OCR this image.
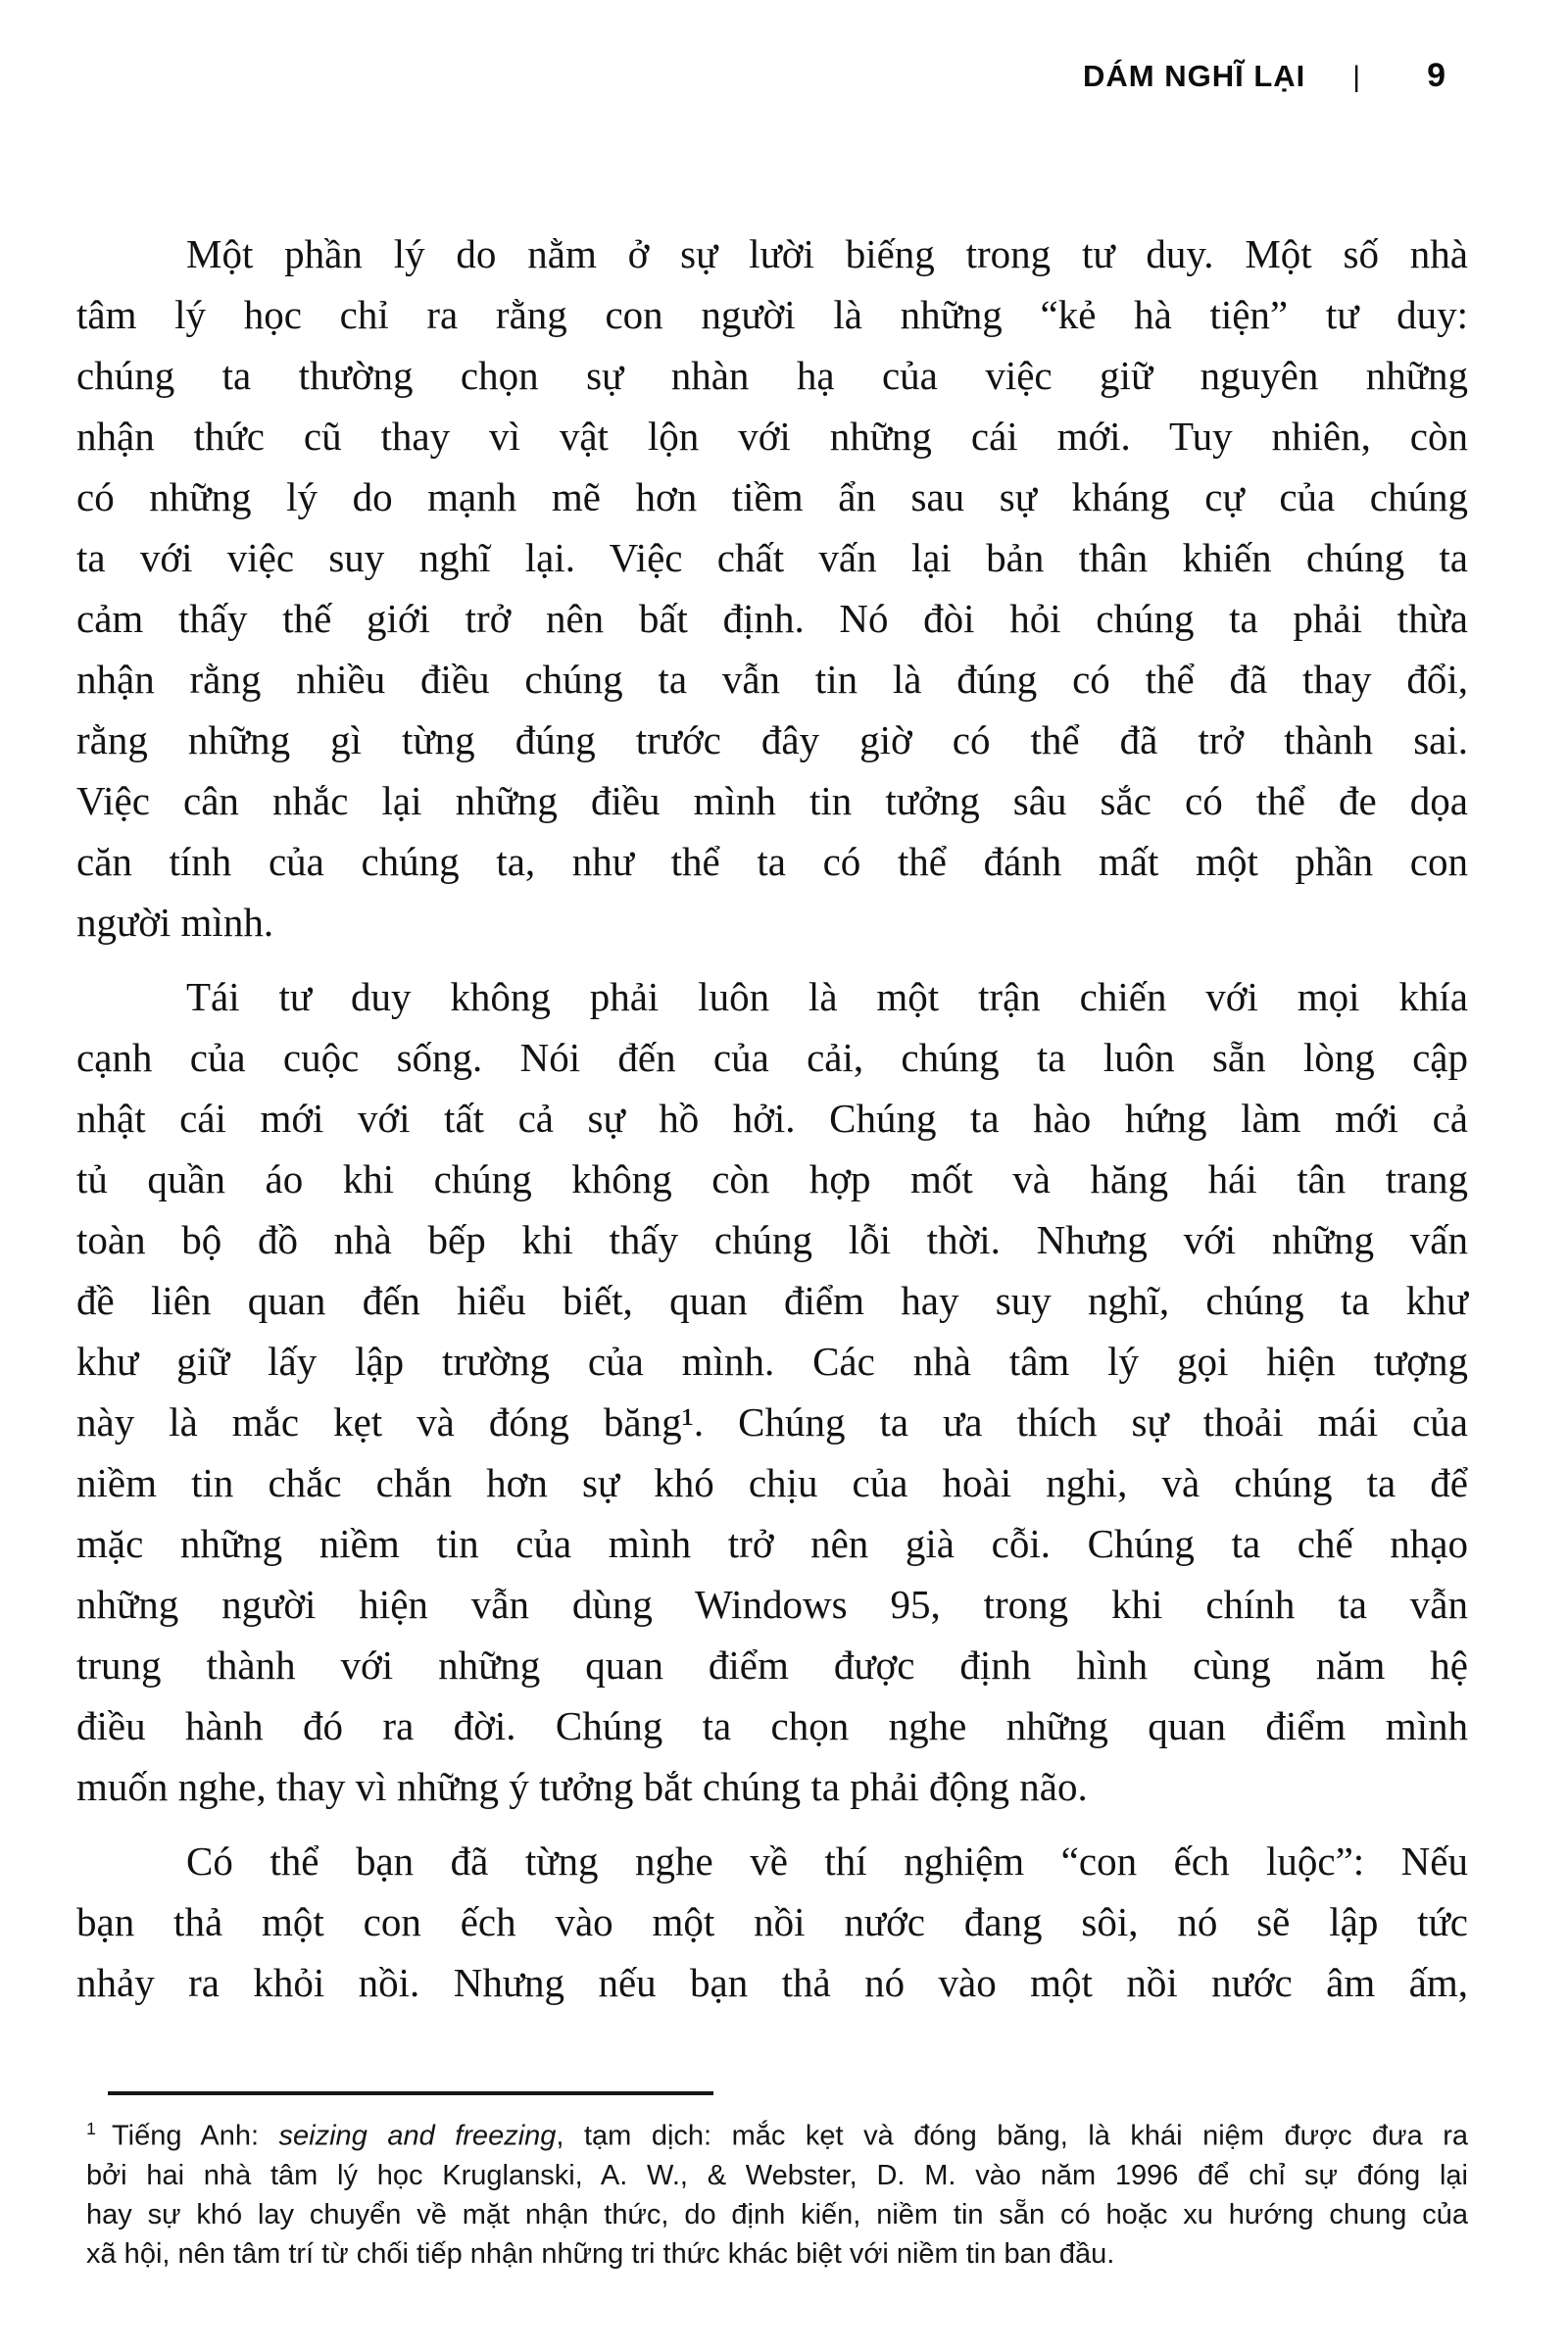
DÁM NGHĨ LẠI | 9
Một phần lý do nằm ở sự lười biếng trong tư duy. Một số nhà
tâm lý học chỉ ra rằng con người là những “kẻ hà tiện” tư duy:
chúng ta thường chọn sự nhàn hạ của việc giữ nguyên những
nhận thức cũ thay vì vật lộn với những cái mới. Tuy nhiên, còn
có những lý do mạnh mẽ hơn tiềm ẩn sau sự kháng cự của chúng
ta với việc suy nghĩ lại. Việc chất vấn lại bản thân khiến chúng ta
cảm thấy thế giới trở nên bất định. Nó đòi hỏi chúng ta phải thừa
nhận rằng nhiều điều chúng ta vẫn tin là đúng có thể đã thay đổi,
rằng những gì từng đúng trước đây giờ có thể đã trở thành sai.
Việc cân nhắc lại những điều mình tin tưởng sâu sắc có thể đe dọa
căn tính của chúng ta, như thể ta có thể đánh mất một phần con
người mình.
Tái tư duy không phải luôn là một trận chiến với mọi khía
cạnh của cuộc sống. Nói đến của cải, chúng ta luôn sẵn lòng cập
nhật cái mới với tất cả sự hồ hởi. Chúng ta hào hứng làm mới cả
tủ quần áo khi chúng không còn hợp mốt và hăng hái tân trang
toàn bộ đồ nhà bếp khi thấy chúng lỗi thời. Nhưng với những vấn
đề liên quan đến hiểu biết, quan điểm hay suy nghĩ, chúng ta khư
khư giữ lấy lập trường của mình. Các nhà tâm lý gọi hiện tượng
này là mắc kẹt và đóng băng¹. Chúng ta ưa thích sự thoải mái của
niềm tin chắc chắn hơn sự khó chịu của hoài nghi, và chúng ta để
mặc những niềm tin của mình trở nên già cỗi. Chúng ta chế nhạo
những người hiện vẫn dùng Windows 95, trong khi chính ta vẫn
trung thành với những quan điểm được định hình cùng năm hệ
điều hành đó ra đời. Chúng ta chọn nghe những quan điểm mình
muốn nghe, thay vì những ý tưởng bắt chúng ta phải động não.
Có thể bạn đã từng nghe về thí nghiệm “con ếch luộc”: Nếu
bạn thả một con ếch vào một nồi nước đang sôi, nó sẽ lập tức
nhảy ra khỏi nồi. Nhưng nếu bạn thả nó vào một nồi nước âm ấm,
$^1$ Tiếng Anh: seizing and freezing, tạm dịch: mắc kẹt và đóng băng, là khái niệm được đưa ra
bởi hai nhà tâm lý học Kruglanski, A. W., & Webster, D. M. vào năm 1996 để chỉ sự đóng lại
hay sự khó lay chuyển về mặt nhận thức, do định kiến, niềm tin sẵn có hoặc xu hướng chung của
xã hội, nên tâm trí từ chối tiếp nhận những tri thức khác biệt với niềm tin ban đầu.
